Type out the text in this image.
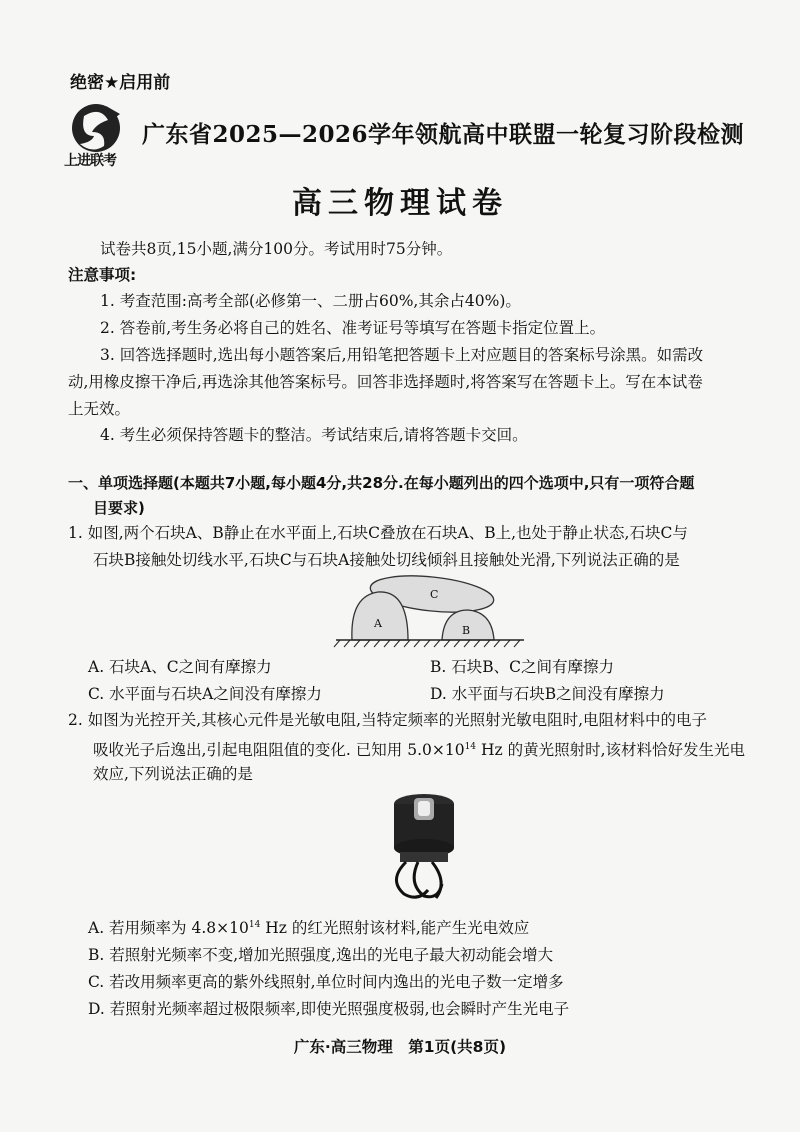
绝密★启用前
上进联考
广东省2025—2026学年领航高中联盟一轮复习阶段检测
高三物理试卷
试卷共8页,15小题,满分100分。考试用时75分钟。
注意事项:
1. 考查范围:高考全部(必修第一、二册占60%,其余占40%)。
2. 答卷前,考生务必将自己的姓名、准考证号等填写在答题卡指定位置上。
3. 回答选择题时,选出每小题答案后,用铅笔把答题卡上对应题目的答案标号涂黑。如需改
动,用橡皮擦干净后,再选涂其他答案标号。回答非选择题时,将答案写在答题卡上。写在本试卷
上无效。
4. 考生必须保持答题卡的整洁。考试结束后,请将答题卡交回。
一、单项选择题(本题共7小题,每小题4分,共28分.在每小题列出的四个选项中,只有一项符合题
目要求)
1. 如图,两个石块A、B静止在水平面上,石块C叠放在石块A、B上,也处于静止状态,石块C与
石块B接触处切线水平,石块C与石块A接触处切线倾斜且接触处光滑,下列说法正确的是
A
B
C
A. 石块A、C之间有摩擦力	B. 石块B、C之间有摩擦力
C. 水平面与石块A之间没有摩擦力	D. 水平面与石块B之间没有摩擦力
2. 如图为光控开关,其核心元件是光敏电阻,当特定频率的光照射光敏电阻时,电阻材料中的电子
吸收光子后逸出,引起电阻阻值的变化. 已知用 $5.0\times 10^{14}$ Hz 的黄光照射时,该材料恰好发生光电
效应,下列说法正确的是
A. 若用频率为 $4.8\times 10^{14}$ Hz 的红光照射该材料,能产生光电效应
B. 若照射光频率不变,增加光照强度,逸出的光电子最大初动能会增大
C. 若改用频率更高的紫外线照射,单位时间内逸出的光电子数一定增多
D. 若照射光频率超过极限频率,即使光照强度极弱,也会瞬时产生光电子
广东·高三物理　第1页(共8页)
